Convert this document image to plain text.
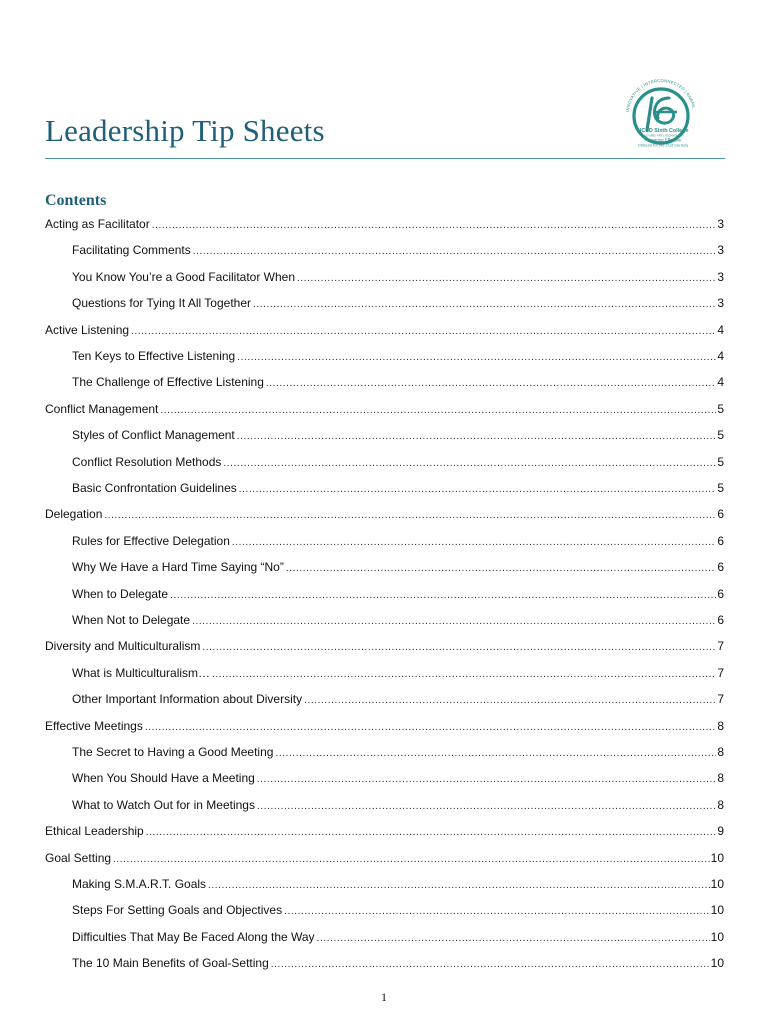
INNOVATIVE | INTERCONNECTED | AWARE
UCSD Sixth College
CULTURE | ART | TECHNOLOGY
Preparing Effective
Citizens for the 21st Century
Leadership Tip Sheets
Contents
Acting as Facilitator .....	3
Facilitating Comments .....	3
You Know You’re a Good Facilitator When .....	3
Questions for Tying It All Together .....	3
Active Listening .....	4
Ten Keys to Effective Listening .....	4
The Challenge of Effective Listening .....	4
Conflict Management .....	5
Styles of Conflict Management .....	5
Conflict Resolution Methods .....	5
Basic Confrontation Guidelines .....	5
Delegation .....	6
Rules for Effective Delegation .....	6
Why We Have a Hard Time Saying “No” .....	6
When to Delegate .....	6
When Not to Delegate .....	6
Diversity and Multiculturalism .....	7
What is Multiculturalism… .....	7
Other Important Information about Diversity .....	7
Effective Meetings .....	8
The Secret to Having a Good Meeting .....	8
When You Should Have a Meeting .....	8
What to Watch Out for in Meetings .....	8
Ethical Leadership .....	9
Goal Setting .....	10
Making S.M.A.R.T. Goals .....	10
Steps For Setting Goals and Objectives .....	10
Difficulties That May Be Faced Along the Way .....	10
The 10 Main Benefits of Goal-Setting .....	10
1
